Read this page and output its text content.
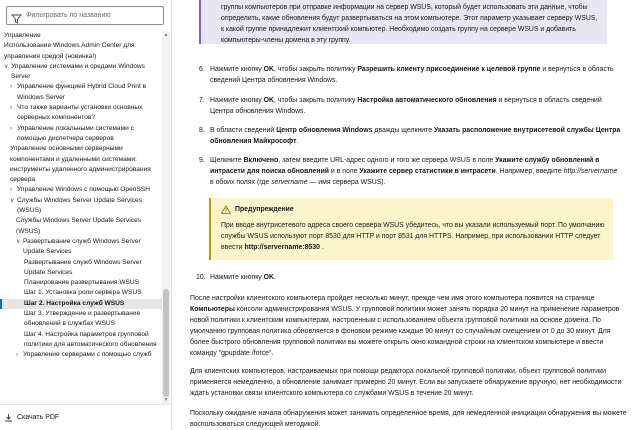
Фильтровать по названию
Управление
Использование Windows Admin Center для управления средой (новинка!)
∨ Управление системами и средами Windows Server
› Управление функцией Hybrid Cloud Print в Windows Server
› Что также варианты установки основных серверных компонентов?
› Управление локальными системами с помощью диспетчера серверов
Управление основными серверными компонентами и удаленными системами: инструменты удаленного администрирования сервера
› Управление Windows с помощью OpenSSH
∨ Службы Windows Server Update Services (WSUS)
Службы Windows Server Update Services (WSUS)
∨ Развертывание служб Windows Server Update Services
Развертывание служб Windows Server Update Services
Планирование развертывания WSUS
Шаг 1. Установка роли сервера WSUS
Шаг 2. Настройка служб WSUS
Шаг 3. Утверждение и развертывание обновлений в службах WSUS
Шаг 4. Настройка параметров групповой политики для автоматического обновления
› Управление серверами с помощью служб
▲
▼
Скачать PDF
группы компьютеров при отправке информации на сервер WSUS, который будет использовать эти данные, чтобы определить, какие обновления будут развертываться на этом компьютере. Этот параметр указывает серверу WSUS, к какой группе принадлежит клиентский компьютер. Необходимо создать группу на сервере WSUS и добавить компьютеры-члены домена в эту группу.
6. Нажмите кнопку OK, чтобы закрыть политику Разрешить клиенту присоединение к целевой группе и вернуться в область сведений Центра обновления Windows.
7. Нажмите кнопку OK, чтобы закрыть политику Настройка автоматического обновления и вернуться в область сведений Центра обновления Windows.
8. В области сведений Центр обновления Windows дважды щелкните Указать расположение внутрисетевой службы Центра обновления Майкрософт.
9. Щелкните Включено, затем введите URL-адрес одного и того же сервера WSUS в поле Укажите службу обновлений в интрасети для поиска обновлений и в поле Укажите сервер статистики в интрасети. Например, введите http://servername в обоих полях (где servername — имя сервера WSUS).
Предупреждение
При вводе внутрисетевого адреса своего сервера WSUS убедитесь, что вы указали используемый порт. По умолчанию службы WSUS используют порт 8530 для HTTP и порт 8531 для HTTPS. Например, при использовании HTTP следует ввести http://servername:8530 .
10. Нажмите кнопку OK.
После настройки клиентского компьютера пройдет несколько минут, прежде чем имя этого компьютера появится на странице Компьютеры консоли администрирования WSUS. У групповой политики может занять порядка 20 минут на применение параметров новой политики к клиентским компьютерам, настроенным с использованием объекта групповой политики на основе домена. По умолчанию групповая политика обновляется в фоновом режиме каждые 90 минут со случайным смещением от 0 до 30 минут. Для более быстрого обновления групповой политики вы можете открыть окно командной строки на клиентском компьютере и ввести команду "gpupdate /force".
Для клиентских компьютеров, настраиваемых при помощи редактора локальной групповой политики, объект групповой политики применяется немедленно, а обновление занимает примерно 20 минут. Если вы запускаете обнаружение вручную, нет необходимости ждать установки связи клиентского компьютера со службами WSUS в течение 20 минут.
Поскольку ожидание начала обнаружения может занимать определенное время, для немедленной инициации обнаружения вы можете воспользоваться следующей методикой.
